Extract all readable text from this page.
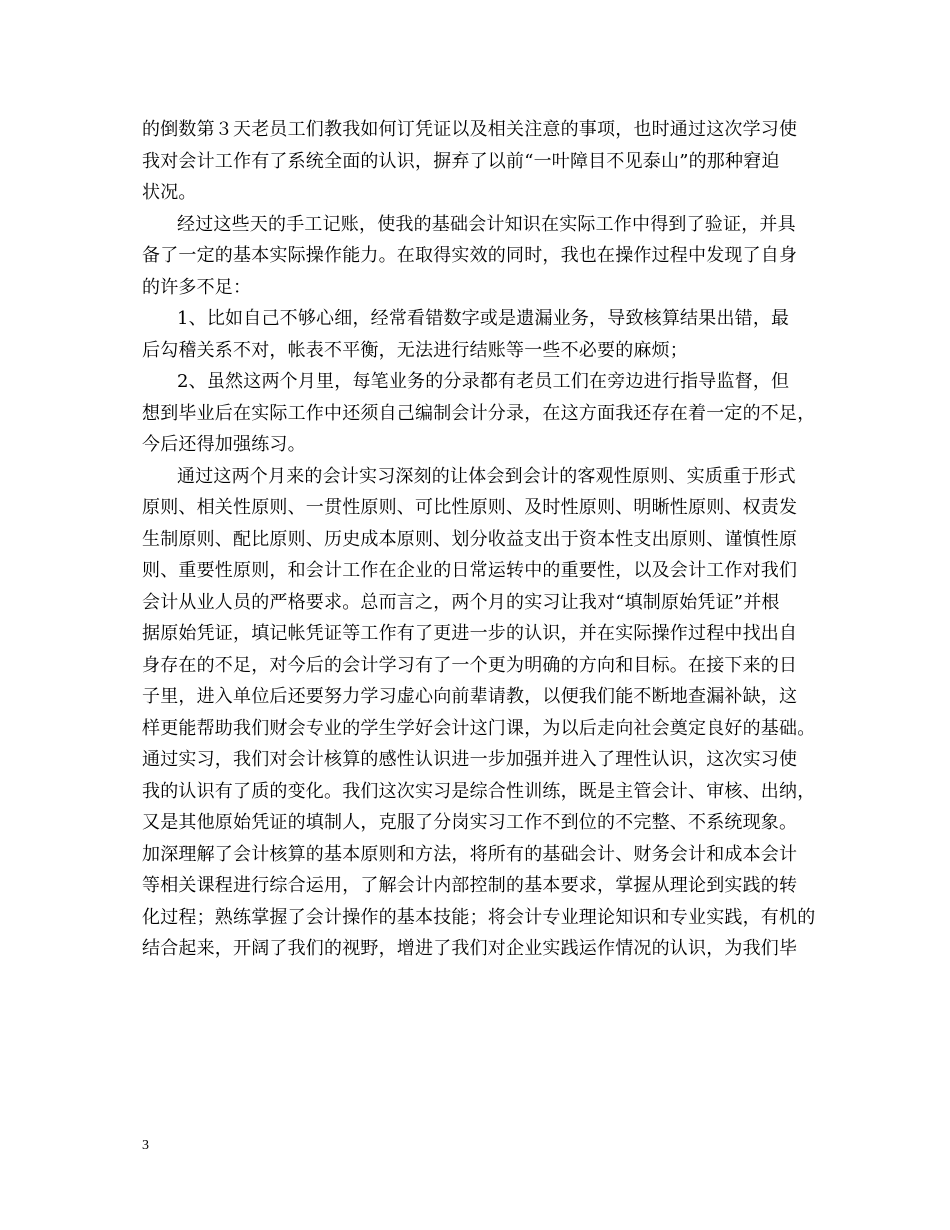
的倒数第３天老员工们教我如何订凭证以及相关注意的事项，也时通过这次学习使
我对会计工作有了系统全面的认识，摒弃了以前“一叶障目不见泰山”的那种窘迫
状况。
经过这些天的手工记账，使我的基础会计知识在实际工作中得到了验证，并具
备了一定的基本实际操作能力。在取得实效的同时，我也在操作过程中发现了自身
的许多不足：
1、比如自己不够心细，经常看错数字或是遗漏业务，导致核算结果出错，最
后勾稽关系不对，帐表不平衡，无法进行结账等一些不必要的麻烦；
2、虽然这两个月里，每笔业务的分录都有老员工们在旁边进行指导监督，但
想到毕业后在实际工作中还须自己编制会计分录，在这方面我还存在着一定的不足，
今后还得加强练习。
通过这两个月来的会计实习深刻的让体会到会计的客观性原则、实质重于形式
原则、相关性原则、一贯性原则、可比性原则、及时性原则、明晰性原则、权责发
生制原则、配比原则、历史成本原则、划分收益支出于资本性支出原则、谨慎性原
则、重要性原则，和会计工作在企业的日常运转中的重要性，以及会计工作对我们
会计从业人员的严格要求。总而言之，两个月的实习让我对“填制原始凭证”并根
据原始凭证，填记帐凭证等工作有了更进一步的认识，并在实际操作过程中找出自
身存在的不足，对今后的会计学习有了一个更为明确的方向和目标。在接下来的日
子里，进入单位后还要努力学习虚心向前辈请教，以便我们能不断地查漏补缺，这
样更能帮助我们财会专业的学生学好会计这门课，为以后走向社会奠定良好的基础。
通过实习，我们对会计核算的感性认识进一步加强并进入了理性认识，这次实习使
我的认识有了质的变化。我们这次实习是综合性训练，既是主管会计、审核、出纳，
又是其他原始凭证的填制人，克服了分岗实习工作不到位的不完整、不系统现象。
加深理解了会计核算的基本原则和方法，将所有的基础会计、财务会计和成本会计
等相关课程进行综合运用，了解会计内部控制的基本要求，掌握从理论到实践的转
化过程；熟练掌握了会计操作的基本技能；将会计专业理论知识和专业实践，有机的
结合起来，开阔了我们的视野，增进了我们对企业实践运作情况的认识，为我们毕
3
